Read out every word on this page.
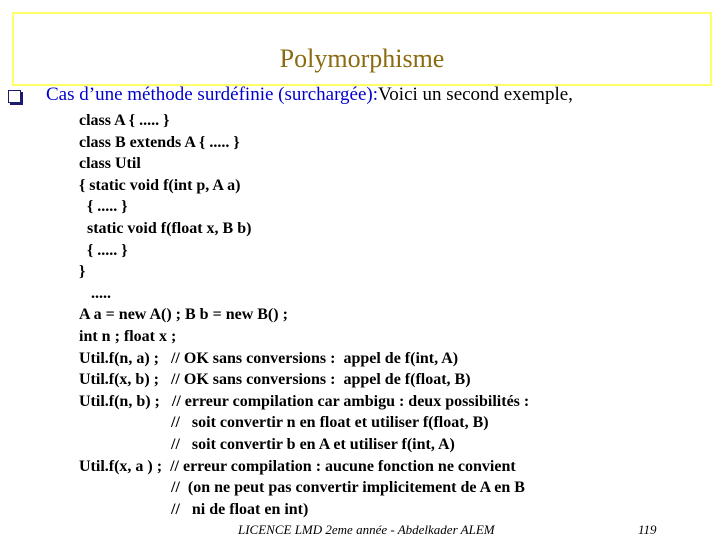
Polymorphisme
Cas d’une méthode surdéfinie (surchargée):Voici un second exemple,
class A { ..... }
class B extends A { ..... }
class Util
{ static void f(int p, A a)
{ ..... }
static void f(float x, B b)
{ ..... }
}
.....
A a = new A() ; B b = new B() ;
int n ; float x ;
Util.f(n, a) ;   // OK sans conversions :  appel de f(int, A)
Util.f(x, b) ;   // OK sans conversions :  appel de f(float, B)
Util.f(n, b) ;   // erreur compilation car ambigu : deux possibilités :
//   soit convertir n en float et utiliser f(float, B)
//   soit convertir b en A et utiliser f(int, A)
Util.f(x, a ) ;  // erreur compilation : aucune fonction ne convient
//  (on ne peut pas convertir implicitement de A en B
//   ni de float en int)
LICENCE LMD 2eme année - Abdelkader ALEM	119
